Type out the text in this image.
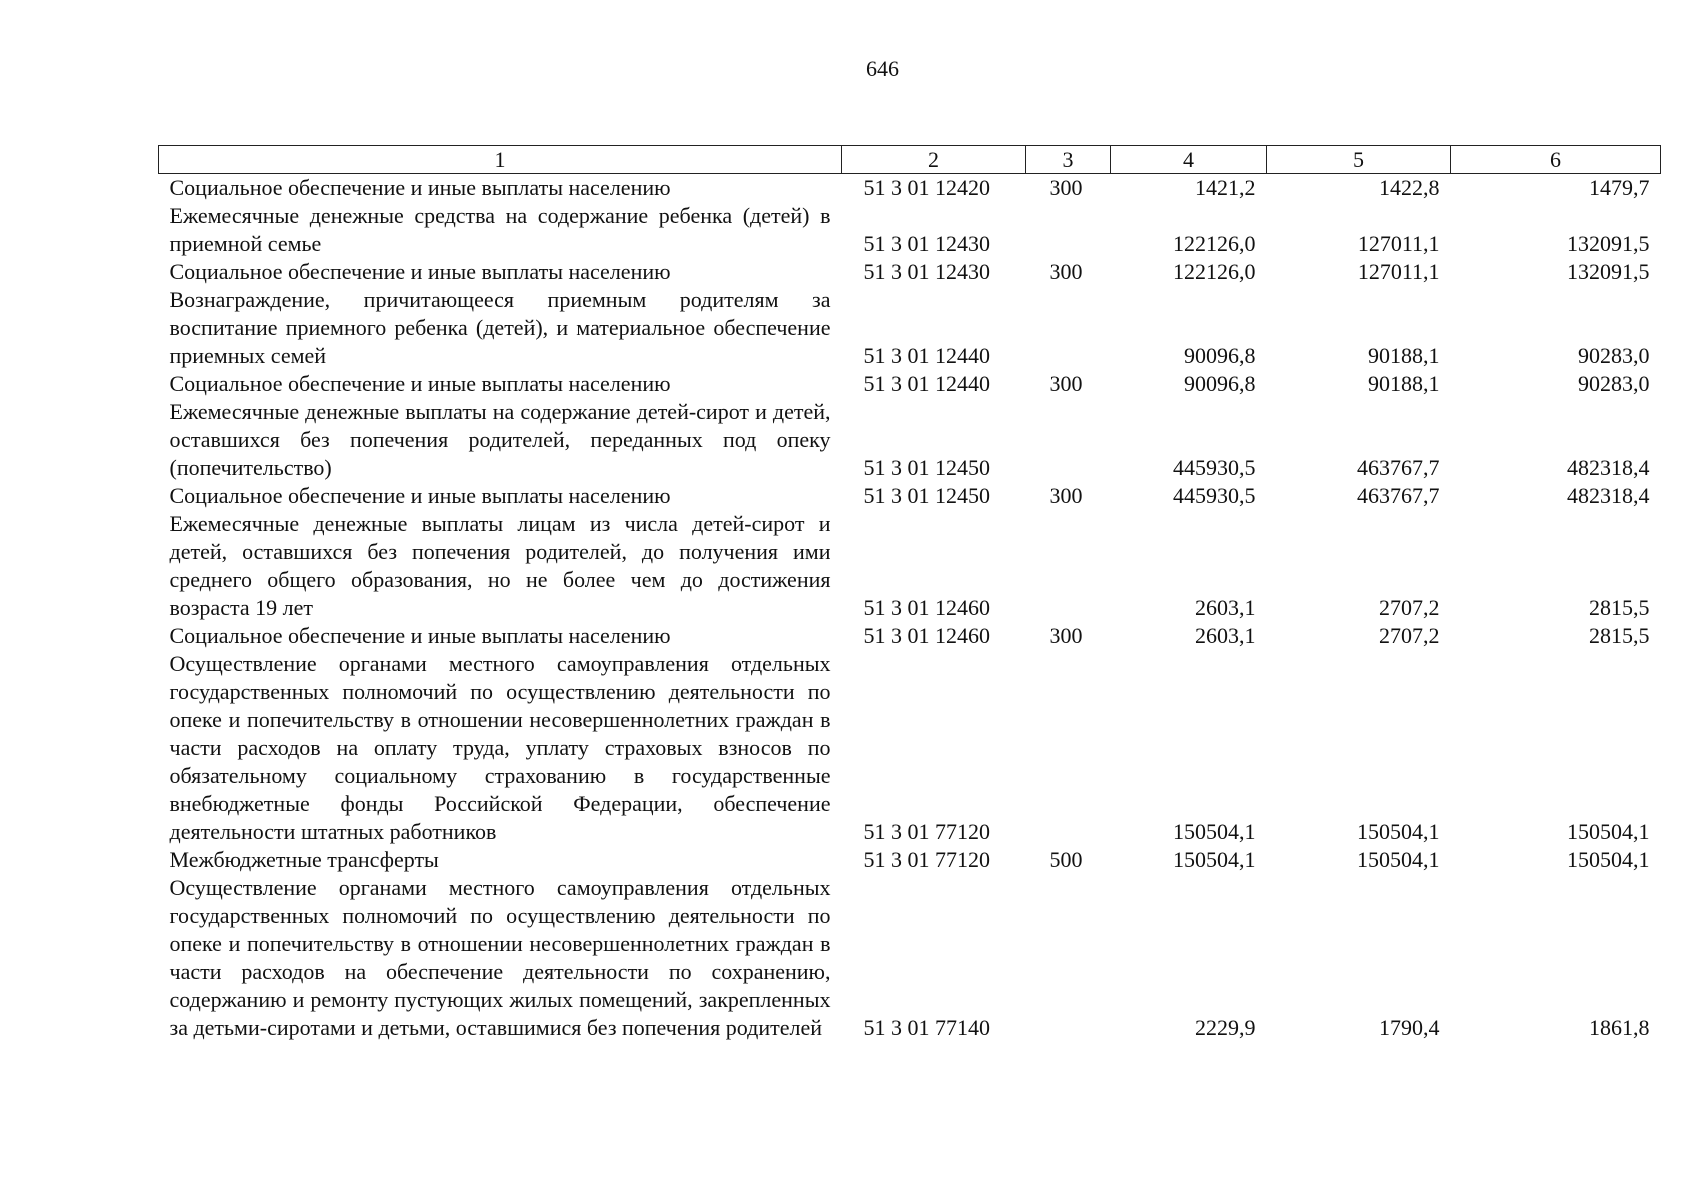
646
1	2	3	4	5	6
Социальное обеспечение и иные выплаты населению	51 3 01 12420	300	1421,2	1422,8	1479,7
Ежемесячные денежные средства на содержание ребенка (детей) в приемной семье	51 3 01 12430		122126,0	127011,1	132091,5
Социальное обеспечение и иные выплаты населению	51 3 01 12430	300	122126,0	127011,1	132091,5
Вознаграждение, причитающееся приемным родителям за воспитание приемного ребенка (детей), и материальное обеспечение приемных семей	51 3 01 12440		90096,8	90188,1	90283,0
Социальное обеспечение и иные выплаты населению	51 3 01 12440	300	90096,8	90188,1	90283,0
Ежемесячные денежные выплаты на содержание детей-сирот и детей, оставшихся без попечения родителей, переданных под опеку (попечительство)	51 3 01 12450		445930,5	463767,7	482318,4
Социальное обеспечение и иные выплаты населению	51 3 01 12450	300	445930,5	463767,7	482318,4
Ежемесячные денежные выплаты лицам из числа детей-сирот и детей, оставшихся без попечения родителей, до получения ими среднего общего образования, но не более чем до достижения возраста 19 лет	51 3 01 12460		2603,1	2707,2	2815,5
Социальное обеспечение и иные выплаты населению	51 3 01 12460	300	2603,1	2707,2	2815,5
Осуществление органами местного самоуправления отдельных государственных полномочий по осуществлению деятельности по опеке и попечительству в отношении несовершеннолетних граждан в части расходов на оплату труда, уплату страховых взносов по обязательному социальному страхованию в государственные внебюджетные фонды Российской Федерации, обеспечение деятельности штатных работников	51 3 01 77120		150504,1	150504,1	150504,1
Межбюджетные трансферты	51 3 01 77120	500	150504,1	150504,1	150504,1
Осуществление органами местного самоуправления отдельных государственных полномочий по осуществлению деятельности по опеке и попечительству в отношении несовершеннолетних граждан в части расходов на обеспечение деятельности по сохранению, содержанию и ремонту пустующих жилых помещений, закрепленных за детьми-сиротами и детьми, оставшимися без попечения родителей	51 3 01 77140		2229,9	1790,4	1861,8
